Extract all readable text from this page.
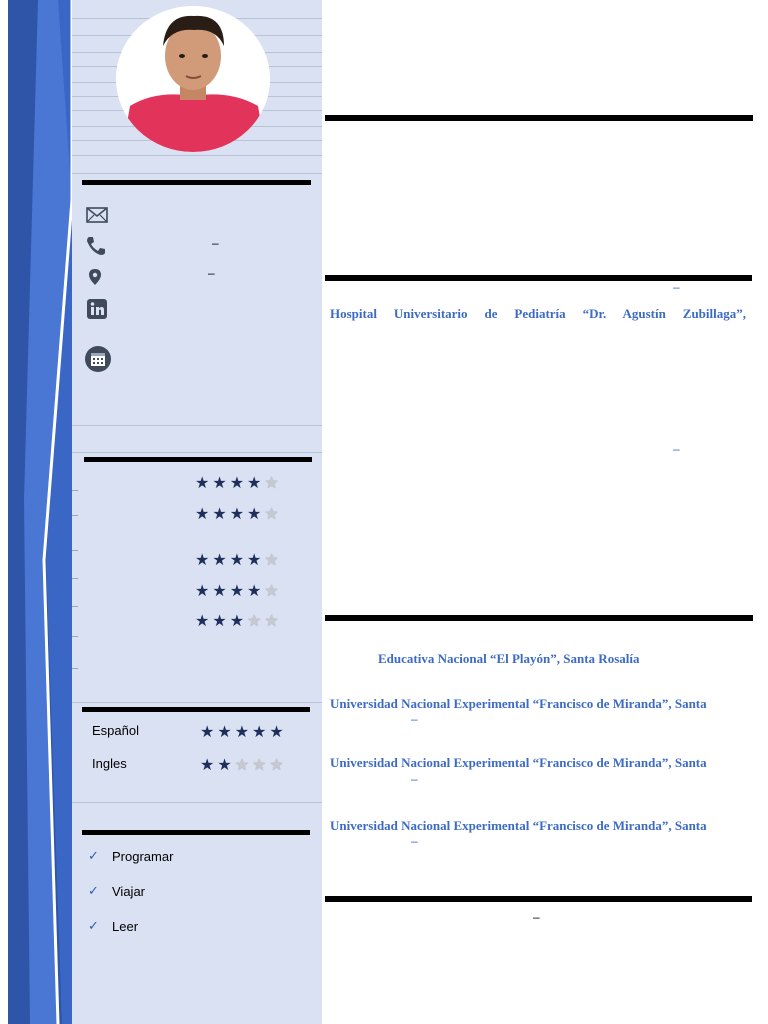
–
–
★ ★ ★ ★ ★
★ ★ ★ ★ ★
★ ★ ★ ★ ★
★ ★ ★ ★ ★
★ ★ ★ ★ ★
Español	★ ★ ★ ★ ★
Ingles	★ ★ ★ ★ ★
✓ Programar
✓ Viajar
✓ Leer
–
Hospital Universitario de Pediatría “Dr. Agustín Zubillaga”,
–
Educativa Nacional “El Playón”, Santa Rosalía
Universidad Nacional Experimental “Francisco de Miranda”, Santa
–
Universidad Nacional Experimental “Francisco de Miranda”, Santa
–
Universidad Nacional Experimental “Francisco de Miranda”, Santa
–
–
